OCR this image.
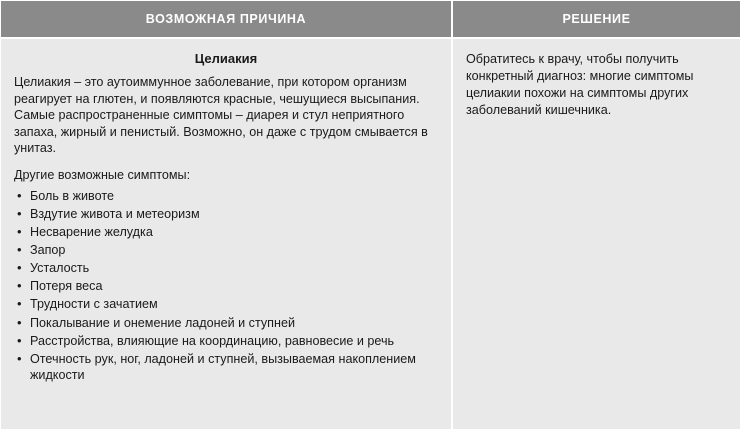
ВОЗМОЖНАЯ ПРИЧИНА	РЕШЕНИЕ
Целиакия

Целиакия – это аутоиммунное заболевание, при котором организм реагирует на глютен, и появляются красные, чешущиеся высыпания.

Самые распространенные симптомы – диарея и стул неприятного запаха, жирный и пенистый. Возможно, он даже с трудом смывается в унитаз.

Другие возможные симптомы:

• Боль в животе
• Вздутие живота и метеоризм
• Несварение желудка
• Запор
• Усталость
• Потеря веса
• Трудности с зачатием
• Покалывание и онемение ладоней и ступней
• Расстройства, влияющие на координацию, равновесие и речь
• Отечность рук, ног, ладоней и ступней, вызываемая накоплением жидкости

Обратитесь к врачу, чтобы получить конкретный диагноз: многие симптомы целиакии похожи на симптомы других заболеваний кишечника.
